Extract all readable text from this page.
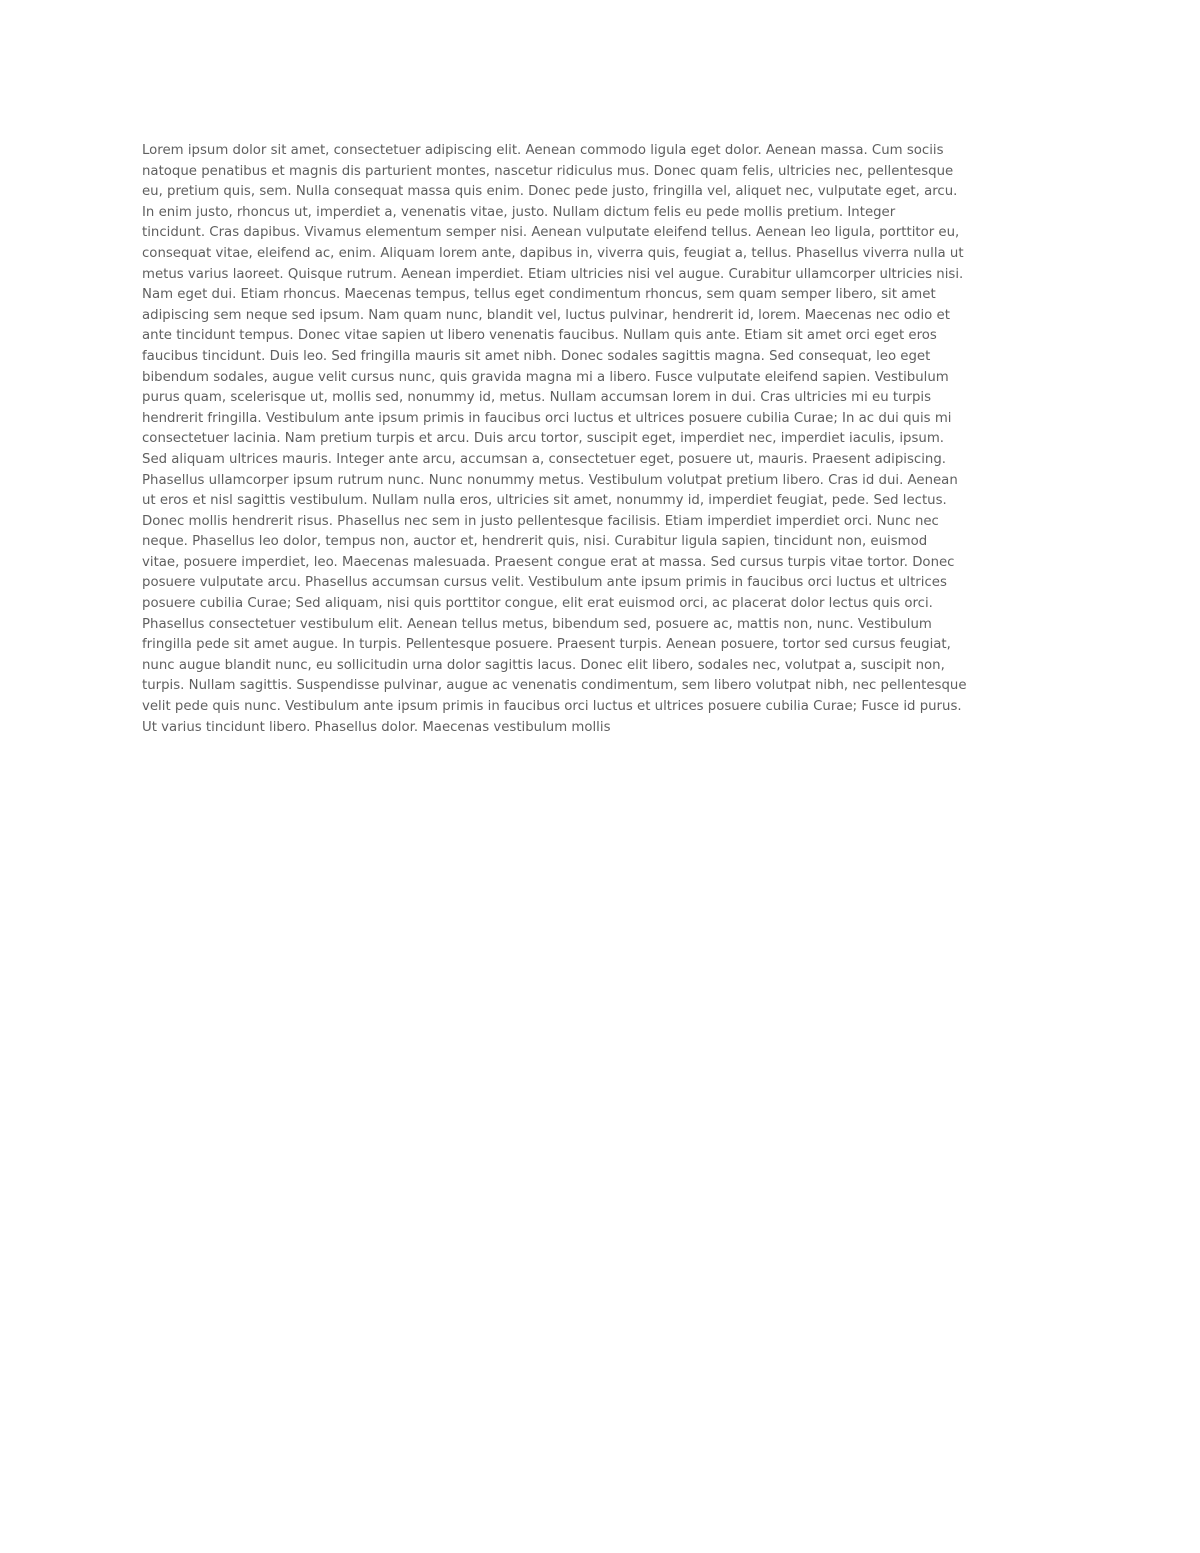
Lorem ipsum dolor sit amet, consectetuer adipiscing elit. Aenean commodo ligula eget dolor. Aenean massa. Cum sociis
natoque penatibus et magnis dis parturient montes, nascetur ridiculus mus. Donec quam felis, ultricies nec, pellentesque
eu, pretium quis, sem. Nulla consequat massa quis enim. Donec pede justo, fringilla vel, aliquet nec, vulputate eget, arcu.
In enim justo, rhoncus ut, imperdiet a, venenatis vitae, justo. Nullam dictum felis eu pede mollis pretium. Integer
tincidunt. Cras dapibus. Vivamus elementum semper nisi. Aenean vulputate eleifend tellus. Aenean leo ligula, porttitor eu,
consequat vitae, eleifend ac, enim. Aliquam lorem ante, dapibus in, viverra quis, feugiat a, tellus. Phasellus viverra nulla ut
metus varius laoreet. Quisque rutrum. Aenean imperdiet. Etiam ultricies nisi vel augue. Curabitur ullamcorper ultricies nisi.
Nam eget dui. Etiam rhoncus. Maecenas tempus, tellus eget condimentum rhoncus, sem quam semper libero, sit amet
adipiscing sem neque sed ipsum. Nam quam nunc, blandit vel, luctus pulvinar, hendrerit id, lorem. Maecenas nec odio et
ante tincidunt tempus. Donec vitae sapien ut libero venenatis faucibus. Nullam quis ante. Etiam sit amet orci eget eros
faucibus tincidunt. Duis leo. Sed fringilla mauris sit amet nibh. Donec sodales sagittis magna. Sed consequat, leo eget
bibendum sodales, augue velit cursus nunc, quis gravida magna mi a libero. Fusce vulputate eleifend sapien. Vestibulum
purus quam, scelerisque ut, mollis sed, nonummy id, metus. Nullam accumsan lorem in dui. Cras ultricies mi eu turpis
hendrerit fringilla. Vestibulum ante ipsum primis in faucibus orci luctus et ultrices posuere cubilia Curae; In ac dui quis mi
consectetuer lacinia. Nam pretium turpis et arcu. Duis arcu tortor, suscipit eget, imperdiet nec, imperdiet iaculis, ipsum.
Sed aliquam ultrices mauris. Integer ante arcu, accumsan a, consectetuer eget, posuere ut, mauris. Praesent adipiscing.
Phasellus ullamcorper ipsum rutrum nunc. Nunc nonummy metus. Vestibulum volutpat pretium libero. Cras id dui. Aenean
ut eros et nisl sagittis vestibulum. Nullam nulla eros, ultricies sit amet, nonummy id, imperdiet feugiat, pede. Sed lectus.
Donec mollis hendrerit risus. Phasellus nec sem in justo pellentesque facilisis. Etiam imperdiet imperdiet orci. Nunc nec
neque. Phasellus leo dolor, tempus non, auctor et, hendrerit quis, nisi. Curabitur ligula sapien, tincidunt non, euismod
vitae, posuere imperdiet, leo. Maecenas malesuada. Praesent congue erat at massa. Sed cursus turpis vitae tortor. Donec
posuere vulputate arcu. Phasellus accumsan cursus velit. Vestibulum ante ipsum primis in faucibus orci luctus et ultrices
posuere cubilia Curae; Sed aliquam, nisi quis porttitor congue, elit erat euismod orci, ac placerat dolor lectus quis orci.
Phasellus consectetuer vestibulum elit. Aenean tellus metus, bibendum sed, posuere ac, mattis non, nunc. Vestibulum
fringilla pede sit amet augue. In turpis. Pellentesque posuere. Praesent turpis. Aenean posuere, tortor sed cursus feugiat,
nunc augue blandit nunc, eu sollicitudin urna dolor sagittis lacus. Donec elit libero, sodales nec, volutpat a, suscipit non,
turpis. Nullam sagittis. Suspendisse pulvinar, augue ac venenatis condimentum, sem libero volutpat nibh, nec pellentesque
velit pede quis nunc. Vestibulum ante ipsum primis in faucibus orci luctus et ultrices posuere cubilia Curae; Fusce id purus.
Ut varius tincidunt libero. Phasellus dolor. Maecenas vestibulum mollis
